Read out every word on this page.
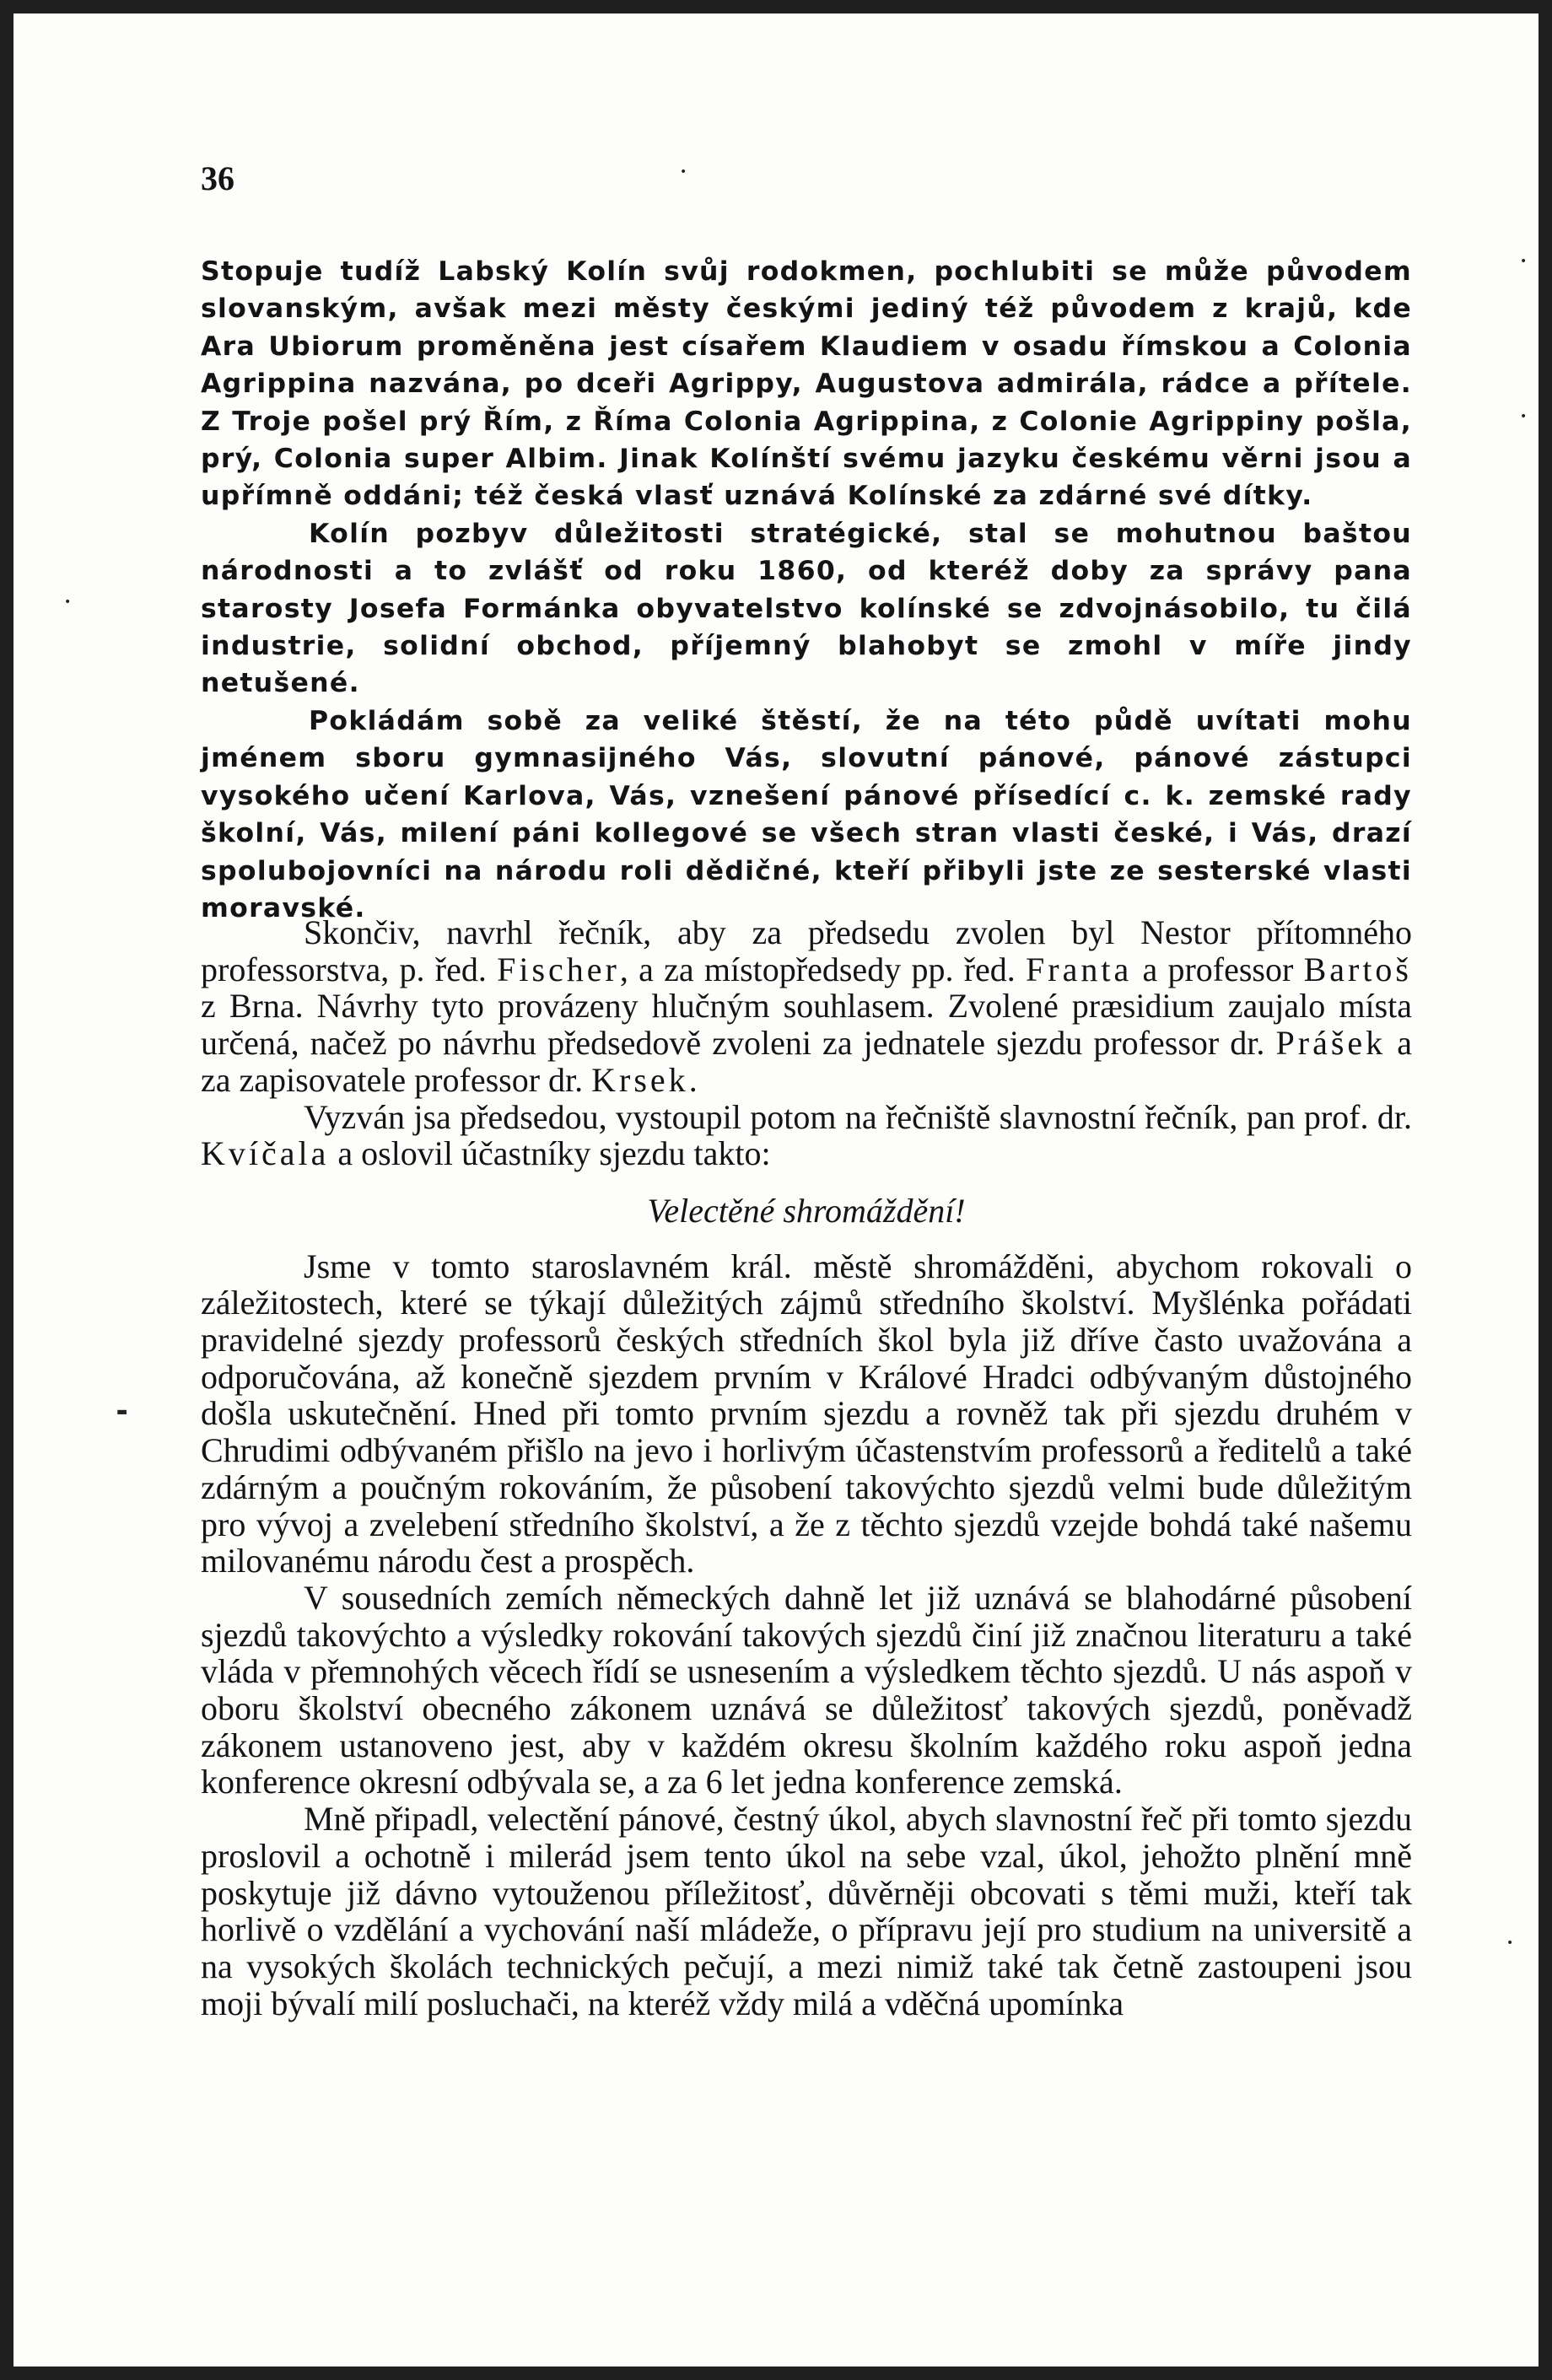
36	•
•
•
•
▬
•

Stopuje tudíž Labský Kolín svůj rodokmen, pochlubiti se může původem slovanským, avšak mezi městy českými jediný též původem z krajů, kde Ara Ubiorum proměněna jest císařem Klaudiem v osadu římskou a Colonia Agrippina nazvána, po dceři Agrippy, Augustova admirála, rádce a přítele. Z Troje pošel prý Řím, z Říma Colonia Agrippina, z Colonie Agrippiny pošla, prý, Colonia super Albim. Jinak Kolínští svému jazyku českému věrni jsou a upřímně oddáni; též česká vlasť uznává Kolínské za zdárné své dítky.

Kolín pozbyv důležitosti stratégické, stal se mohutnou baštou národnosti a to zvlášť od roku 1860, od kteréž doby za správy pana starosty Josefa Formánka obyvatelstvo kolínské se zdvojnásobilo, tu čilá industrie, solidní obchod, příjemný blahobyt se zmohl v míře jindy netušené.

Pokládám sobě za veliké štěstí, že na této půdě uvítati mohu jménem sboru gymnasijného Vás, slovutní pánové, pánové zástupci vysokého učení Karlova, Vás, vznešení pánové přísedící c. k. zemské rady školní, Vás, milení páni kollegové se všech stran vlasti české, i Vás, drazí spolubojovníci na národu roli dědičné, kteří přibyli jste ze sesterské vlasti moravské.

Skončiv, navrhl řečník, aby za předsedu zvolen byl Nestor přítomného professorstva, p. řed. Fischer, a za místopředsedy pp. řed. Franta a professor Bartoš z Brna. Návrhy tyto provázeny hlučným souhlasem. Zvolené præsidium zaujalo místa určená, načež po návrhu předsedově zvoleni za jednatele sjezdu professor dr. Prášek a za zapisovatele professor dr. Krsek.

Vyzván jsa předsedou, vystoupil potom na řečniště slavnostní řečník, pan prof. dr. Kvíčala a oslovil účastníky sjezdu takto:

Velectěné shromáždění!

Jsme v tomto staroslavném král. městě shromážděni, abychom rokovali o záležitostech, které se týkají důležitých zájmů středního školství. Myšlénka pořádati pravidelné sjezdy professorů českých středních škol byla již dříve často uvažována a odporučována, až konečně sjezdem prvním v Králové Hradci odbývaným důstojného došla uskutečnění. Hned při tomto prvním sjezdu a rovněž tak při sjezdu druhém v Chrudimi odbývaném přišlo na jevo i horlivým účastenstvím professorů a ředitelů a také zdárným a poučným rokováním, že působení takovýchto sjezdů velmi bude důležitým pro vývoj a zvelebení středního školství, a že z těchto sjezdů vzejde bohdá také našemu milovanému národu čest a prospěch.

V sousedních zemích německých dahně let již uznává se blahodárné působení sjezdů takovýchto a výsledky rokování takových sjezdů činí již značnou literaturu a také vláda v přemnohých věcech řídí se usnesením a výsledkem těchto sjezdů. U nás aspoň v oboru školství obecného zákonem uznává se důležitosť takových sjezdů, poněvadž zákonem ustanoveno jest, aby v každém okresu školním každého roku aspoň jedna konference okresní odbývala se, a za 6 let jedna konference zemská.

Mně připadl, velectění pánové, čestný úkol, abych slavnostní řeč při tomto sjezdu proslovil a ochotně i milerád jsem tento úkol na sebe vzal, úkol, jehožto plnění mně poskytuje již dávno vytouženou příležitosť, důvěrněji obcovati s těmi muži, kteří tak horlivě o vzdělání a vychování naší mládeže, o přípravu její pro studium na universitě a na vysokých školách technických pečují, a mezi nimiž také tak četně zastoupeni jsou moji bývalí milí posluchači, na kteréž vždy milá a vděčná upomínka
